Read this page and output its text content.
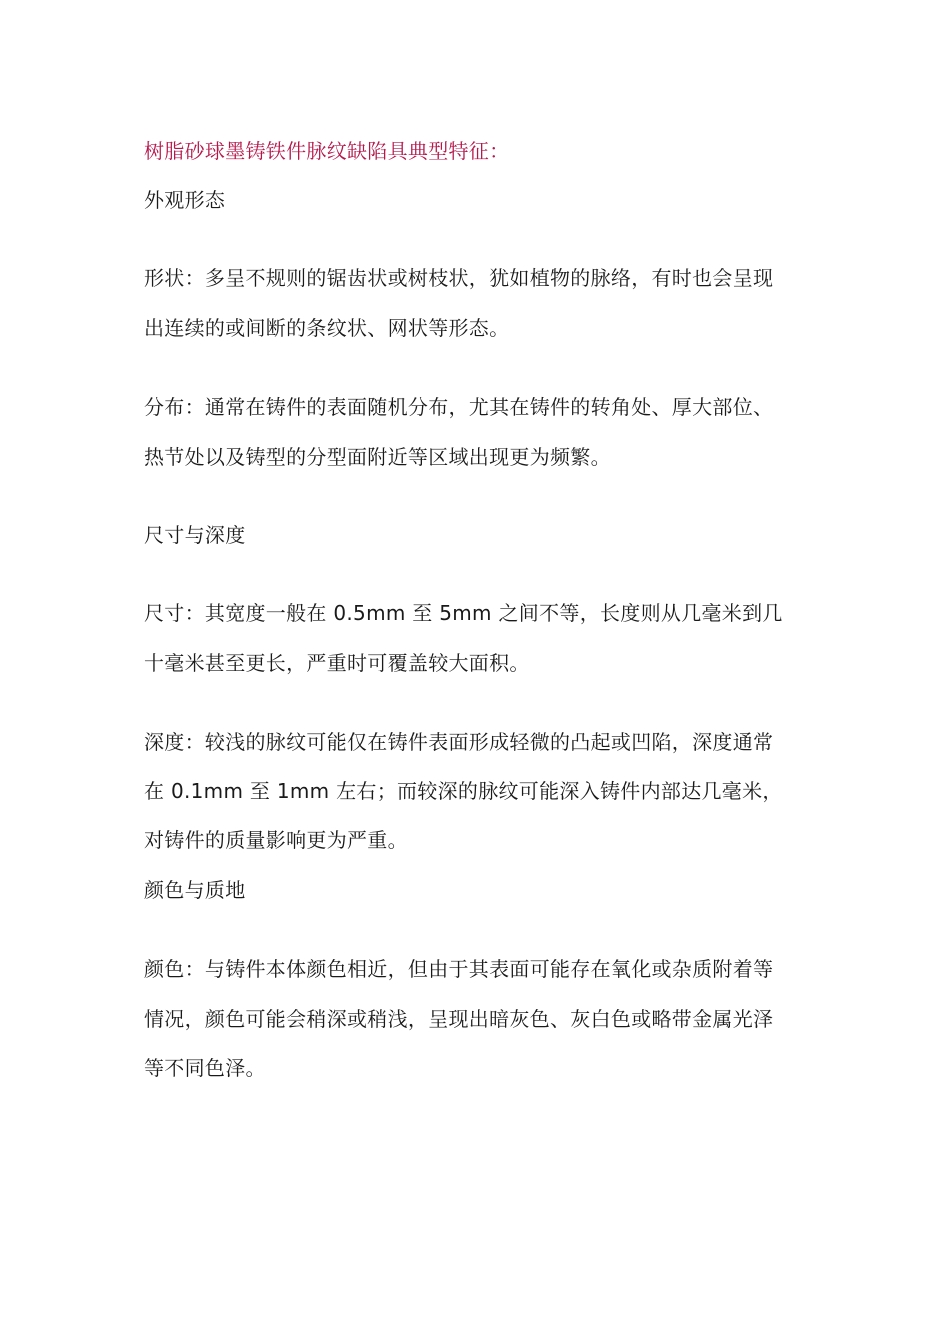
树脂砂球墨铸铁件脉纹缺陷具典型特征：
外观形态
形状：多呈不规则的锯齿状或树枝状，犹如植物的脉络，有时也会呈现
出连续的或间断的条纹状、网状等形态。
分布：通常在铸件的表面随机分布，尤其在铸件的转角处、厚大部位、
热节处以及铸型的分型面附近等区域出现更为频繁。
尺寸与深度
尺寸：其宽度一般在 0.5mm 至 5mm 之间不等，长度则从几毫米到几
十毫米甚至更长，严重时可覆盖较大面积。
深度：较浅的脉纹可能仅在铸件表面形成轻微的凸起或凹陷，深度通常
在 0.1mm 至 1mm 左右；而较深的脉纹可能深入铸件内部达几毫米，
对铸件的质量影响更为严重。
颜色与质地
颜色：与铸件本体颜色相近，但由于其表面可能存在氧化或杂质附着等
情况，颜色可能会稍深或稍浅，呈现出暗灰色、灰白色或略带金属光泽
等不同色泽。
